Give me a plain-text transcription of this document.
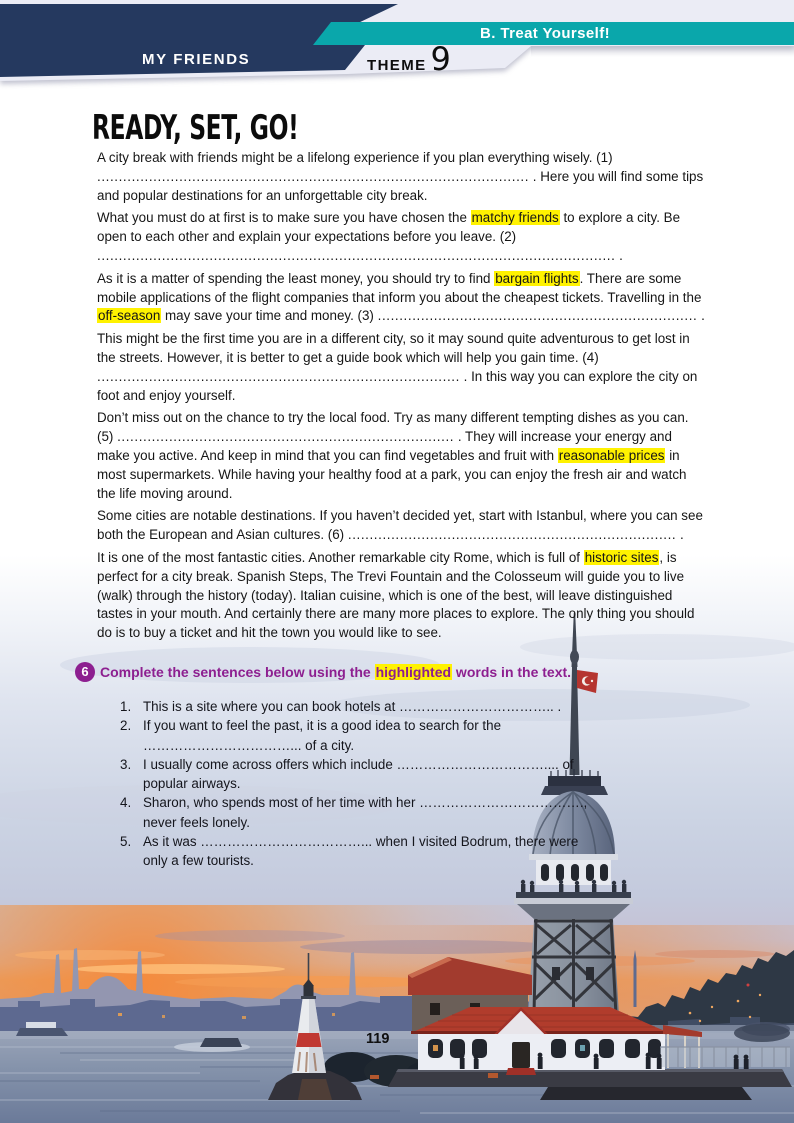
MY FRIENDS
B. Treat Yourself!
THEME 9
READY, SET, GO!

A city break with friends might be a lifelong experience if you plan everything wisely. (1) .................................................................................................... . Here you will find some tips and popular destinations for an unforgettable city break.

What you must do at first is to make sure you have chosen the matchy friends to explore a city. Be open to each other and explain your expectations before you leave. (2) ........................................................................................................................ .

As it is a matter of spending the least money, you should try to find bargain flights. There are some mobile applications of the flight companies that inform you about the cheapest tickets. Travelling in the off-season may save your time and money. (3) .......................................................................... .

This might be the first time you are in a different city, so it may sound quite adventurous to get lost in the streets. However, it is better to get a guide book which will help you gain time. (4) .................................................................................... . In this way you can explore the city on foot and enjoy yourself.

Don’t miss out on the chance to try the local food. Try as many different tempting dishes as you can. (5) .............................................................................. . They will increase your energy and make you active. And keep in mind that you can find vegetables and fruit with reasonable prices in most supermarkets. While having your healthy food at a park, you can enjoy the fresh air and watch the life moving around.

Some cities are notable destinations. If you haven’t decided yet, start with Istanbul, where you can see both the European and Asian cultures. (6) ............................................................................ .

It is one of the most fantastic cities. Another remarkable city Rome, which is full of historic sites, is perfect for a city break. Spanish Steps, The Trevi Fountain and the Colosseum will guide you to live (walk) through the history (today). Italian cuisine, which is one of the best, will leave distinguished tastes in your mouth. And certainly there are many more places to explore. The only thing you should do is to buy a ticket and hit the town you would like to see.

6 Complete the sentences below using the highlighted words in the text.
1. This is a site where you can book hotels at …………………………….. .
2. If you want to feel the past, it is a good idea to search for the
……………………………... of a city.
3. I usually come across offers which include …………………………….... of
popular airways.
4. Sharon, who spends most of her time with her ……………………………….,
never feels lonely.
5. As it was ………………………………... when I visited Bodrum, there were
only a few tourists.
119
